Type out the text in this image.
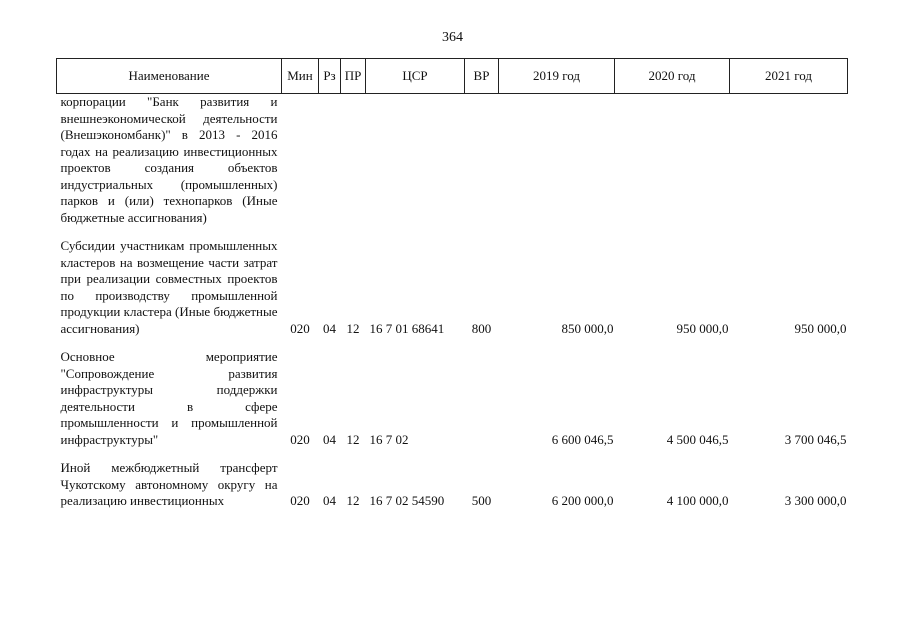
364
Наименование	Мин	Рз	ПР	ЦСР	ВР	2019 год	2020 год	2021 год

корпорации "Банк развития и внешнеэкономической деятельности (Внешэкономбанк)" в 2013 - 2016 годах на реализацию инвестиционных проектов создания объектов индустриальных (промышленных) парков и (или) технопарков (Иные бюджетные ассигнования)								

Субсидии участникам промышленных кластеров на возмещение части затрат при реализации совместных проектов по производству промышленной продукции кластера (Иные бюджетные ассигнования)	020	04	12	16 7 01 68641	800	850 000,0	950 000,0	950 000,0

Основное мероприятие "Сопровождение развития инфраструктуры поддержки деятельности в сфере промышленности и промышленной инфраструктуры"	020	04	12	16 7 02		6 600 046,5	4 500 046,5	3 700 046,5

Иной межбюджетный трансферт Чукотскому автономному округу на реализацию инвестиционных	020	04	12	16 7 02 54590	500	6 200 000,0	4 100 000,0	3 300 000,0
